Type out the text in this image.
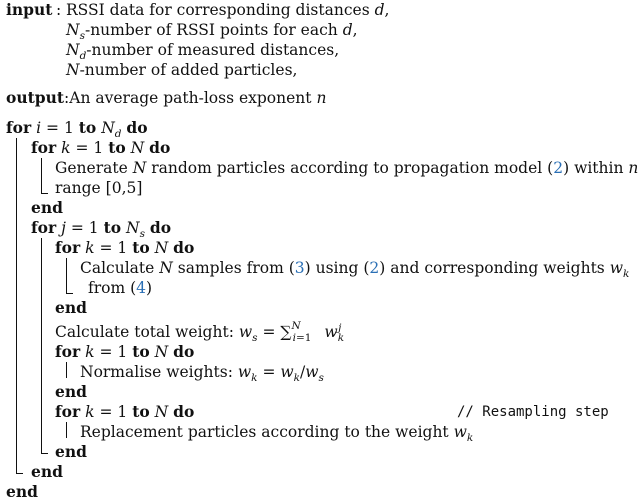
input : RSSI data for corresponding distances d,
$N_s$-number of RSSI points for each d,
$N_d$-number of measured distances,
N-number of added particles,
output:An average path-loss exponent n
for i = 1 to $N_d$ do
for k = 1 to N do
Generate N random particles according to propagation model (2) within n
range [0,5]
end
for j = 1 to $N_s$ do
for k = 1 to N do
Calculate N samples from (3) using (2) and corresponding weights $w_k$
from (4)
end
Calculate total weight: $w_s = \sum^N_{i=1}$ $w_k^j$
for k = 1 to N do
Normalise weights: $w_k = w_k/w_s$
end
for k = 1 to N do	// Resampling step
Replacement particles according to the weight $w_k$
end
end
end
